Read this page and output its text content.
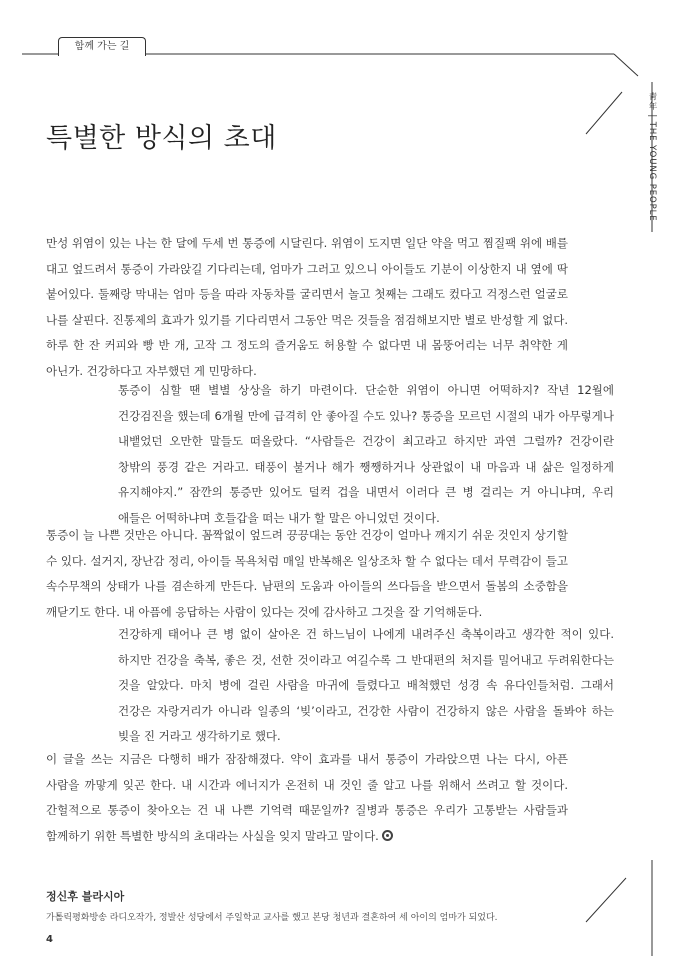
함께 가는 길
靑年 | THE YOUNG PEOPLE
특별한 방식의 초대

만성 위염이 있는 나는 한 달에 두세 번 통증에 시달린다. 위염이 도지면 일단 약을 먹고 찜질팩 위에 배를 대고 엎드려서 통증이 가라앉길 기다리는데, 엄마가 그러고 있으니 아이들도 기분이 이상한지 내 옆에 딱 붙어있다. 둘째랑 막내는 엄마 등을 따라 자동차를 굴리면서 놀고 첫째는 그래도 컸다고 걱정스런 얼굴로 나를 살핀다. 진통제의 효과가 있기를 기다리면서 그동안 먹은 것들을 점검해보지만 별로 반성할 게 없다. 하루 한 잔 커피와 빵 반 개, 고작 그 정도의 즐거움도 허용할 수 없다면 내 몸뚱어리는 너무 취약한 게 아닌가. 건강하다고 자부했던 게 민망하다.

통증이 심할 땐 별별 상상을 하기 마련이다. 단순한 위염이 아니면 어떡하지? 작년 12월에 건강검진을 했는데 6개월 만에 급격히 안 좋아질 수도 있나? 통증을 모르던 시절의 내가 아무렇게나 내뱉었던 오만한 말들도 떠올랐다. “사람들은 건강이 최고라고 하지만 과연 그럴까? 건강이란 창밖의 풍경 같은 거라고. 태풍이 불거나 해가 쨍쨍하거나 상관없이 내 마음과 내 삶은 일정하게 유지해야지.” 잠깐의 통증만 있어도 덜컥 겁을 내면서 이러다 큰 병 걸리는 거 아니냐며, 우리 애들은 어떡하냐며 호들갑을 떠는 내가 할 말은 아니었던 것이다.

통증이 늘 나쁜 것만은 아니다. 꼼짝없이 엎드려 끙끙대는 동안 건강이 얼마나 깨지기 쉬운 것인지 상기할 수 있다. 설거지, 장난감 정리, 아이들 목욕처럼 매일 반복해온 일상조차 할 수 없다는 데서 무력감이 들고 속수무책의 상태가 나를 겸손하게 만든다. 남편의 도움과 아이들의 쓰다듬을 받으면서 돌봄의 소중함을 깨닫기도 한다. 내 아픔에 응답하는 사람이 있다는 것에 감사하고 그것을 잘 기억해둔다.

건강하게 태어나 큰 병 없이 살아온 건 하느님이 나에게 내려주신 축복이라고 생각한 적이 있다. 하지만 건강을 축복, 좋은 것, 선한 것이라고 여길수록 그 반대편의 처지를 밀어내고 두려워한다는 것을 알았다. 마치 병에 걸린 사람을 마귀에 들렸다고 배척했던 성경 속 유다인들처럼. 그래서 건강은 자랑거리가 아니라 일종의 ‘빚’이라고, 건강한 사람이 건강하지 않은 사람을 돌봐야 하는 빚을 진 거라고 생각하기로 했다.

이 글을 쓰는 지금은 다행히 배가 잠잠해졌다. 약이 효과를 내서 통증이 가라앉으면 나는 다시, 아픈 사람을 까맣게 잊곤 한다. 내 시간과 에너지가 온전히 내 것인 줄 알고 나를 위해서 쓰려고 할 것이다. 간헐적으로 통증이 찾아오는 건 내 나쁜 기억력 때문일까? 질병과 통증은 우리가 고통받는 사람들과 함께하기 위한 특별한 방식의 초대라는 사실을 잊지 말라고 말이다.

정신후 블라시아
가톨릭평화방송 라디오작가, 정발산 성당에서 주일학교 교사를 했고 본당 청년과 결혼하여 세 아이의 엄마가 되었다.
4
